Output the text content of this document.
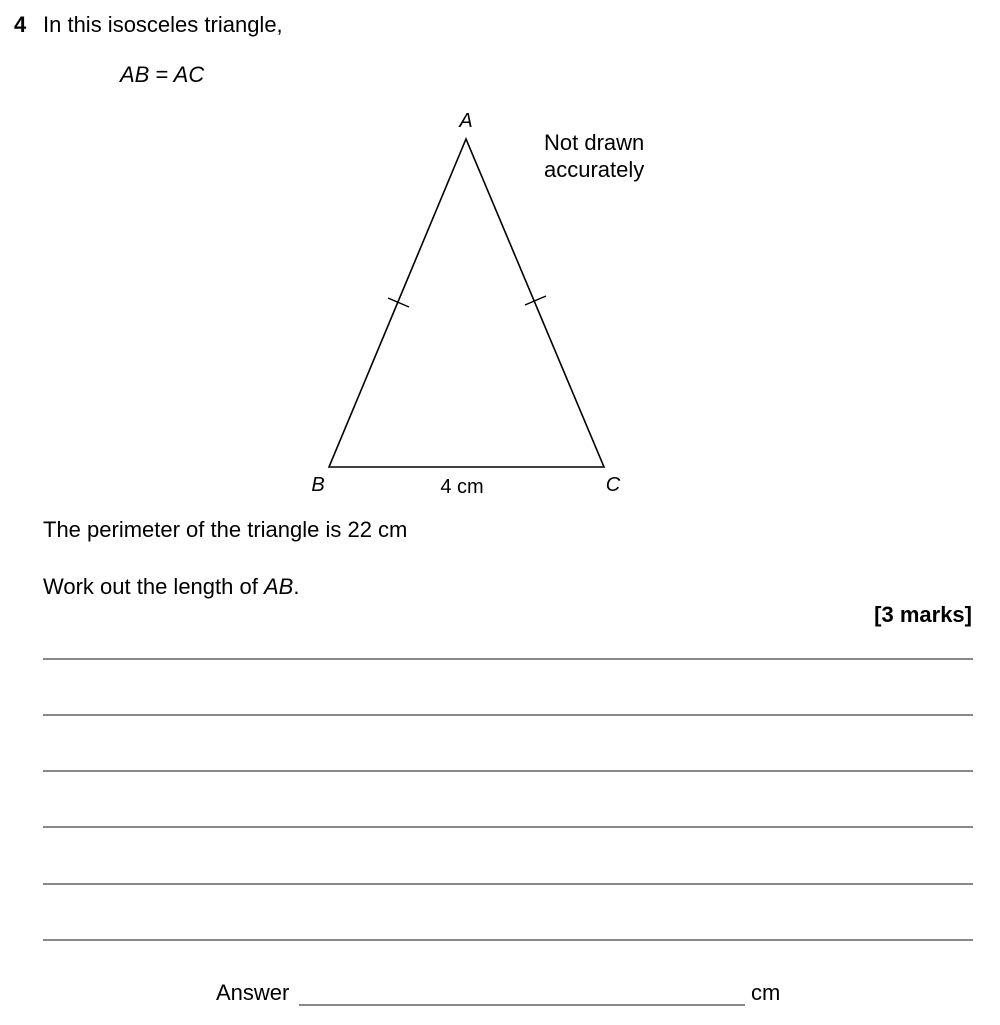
4 In this isosceles triangle,
AB = AC
A
B	C
4 cm
Not drawn
accurately
The perimeter of the triangle is 22 cm
Work out the length of AB.
[3 marks]
Answer	cm
